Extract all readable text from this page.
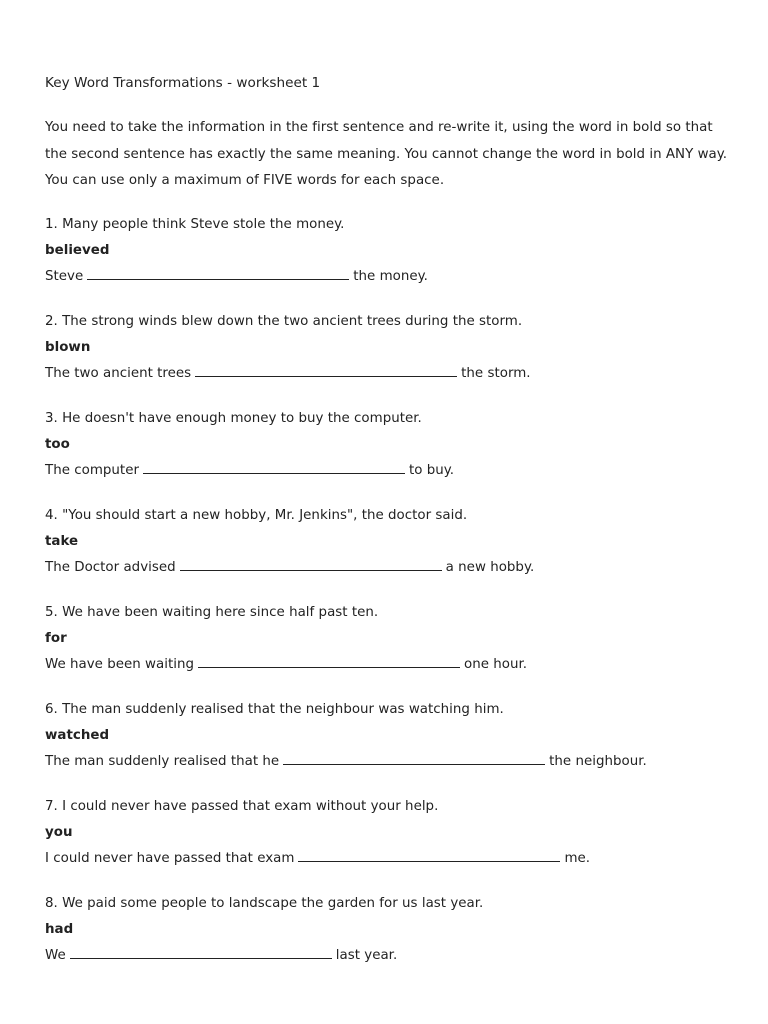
Key Word Transformations - worksheet 1

You need to take the information in the first sentence and re-write it, using the word in bold so that the second sentence has exactly the same meaning. You cannot change the word in bold in ANY way. You can use only a maximum of FIVE words for each space.

1. Many people think Steve stole the money.
believed
Steve	the money.
2. The strong winds blew down the two ancient trees during the storm.
blown
The two ancient trees	the storm.
3. He doesn't have enough money to buy the computer.
too
The computer	to buy.
4. "You should start a new hobby, Mr. Jenkins", the doctor said.
take
The Doctor advised	a new hobby.
5. We have been waiting here since half past ten.
for
We have been waiting	one hour.
6. The man suddenly realised that the neighbour was watching him.
watched
The man suddenly realised that he	the neighbour.
7. I could never have passed that exam without your help.
you
I could never have passed that exam	me.
8. We paid some people to landscape the garden for us last year.
had
We	last year.
